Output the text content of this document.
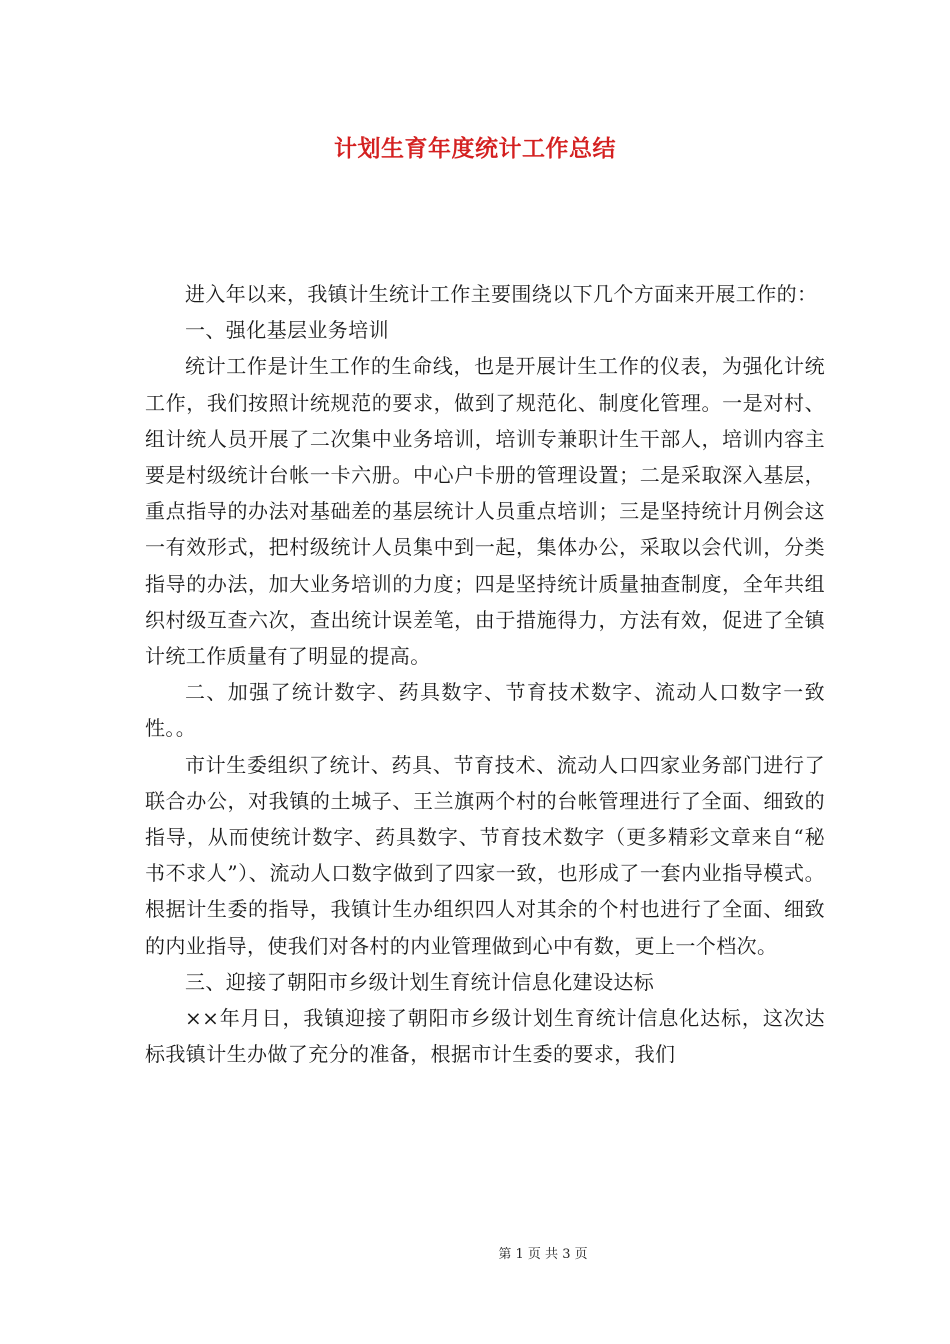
计划生育年度统计工作总结

进入年以来，我镇计生统计工作主要围绕以下几个方面来开展工作的：

一、强化基层业务培训

统计工作是计生工作的生命线，也是开展计生工作的仪表，为强化计统工作，我们按照计统规范的要求，做到了规范化、制度化管理。一是对村、组计统人员开展了二次集中业务培训，培训专兼职计生干部人，培训内容主要是村级统计台帐一卡六册。中心户卡册的管理设置；二是采取深入基层，重点指导的办法对基础差的基层统计人员重点培训；三是坚持统计月例会这一有效形式，把村级统计人员集中到一起，集体办公，采取以会代训，分类指导的办法，加大业务培训的力度；四是坚持统计质量抽查制度，全年共组织村级互查六次，查出统计误差笔，由于措施得力，方法有效，促进了全镇计统工作质量有了明显的提高。

二、加强了统计数字、药具数字、节育技术数字、流动人口数字一致性。。

市计生委组织了统计、药具、节育技术、流动人口四家业务部门进行了联合办公，对我镇的土城子、王兰旗两个村的台帐管理进行了全面、细致的指导，从而使统计数字、药具数字、节育技术数字（更多精彩文章来自“秘书不求人”）、流动人口数字做到了四家一致，也形成了一套内业指导模式。根据计生委的指导，我镇计生办组织四人对其余的个村也进行了全面、细致的内业指导，使我们对各村的内业管理做到心中有数，更上一个档次。

三、迎接了朝阳市乡级计划生育统计信息化建设达标

××年月日，我镇迎接了朝阳市乡级计划生育统计信息化达标，这次达标我镇计生办做了充分的准备，根据市计生委的要求，我们

第 1 页 共 3 页
